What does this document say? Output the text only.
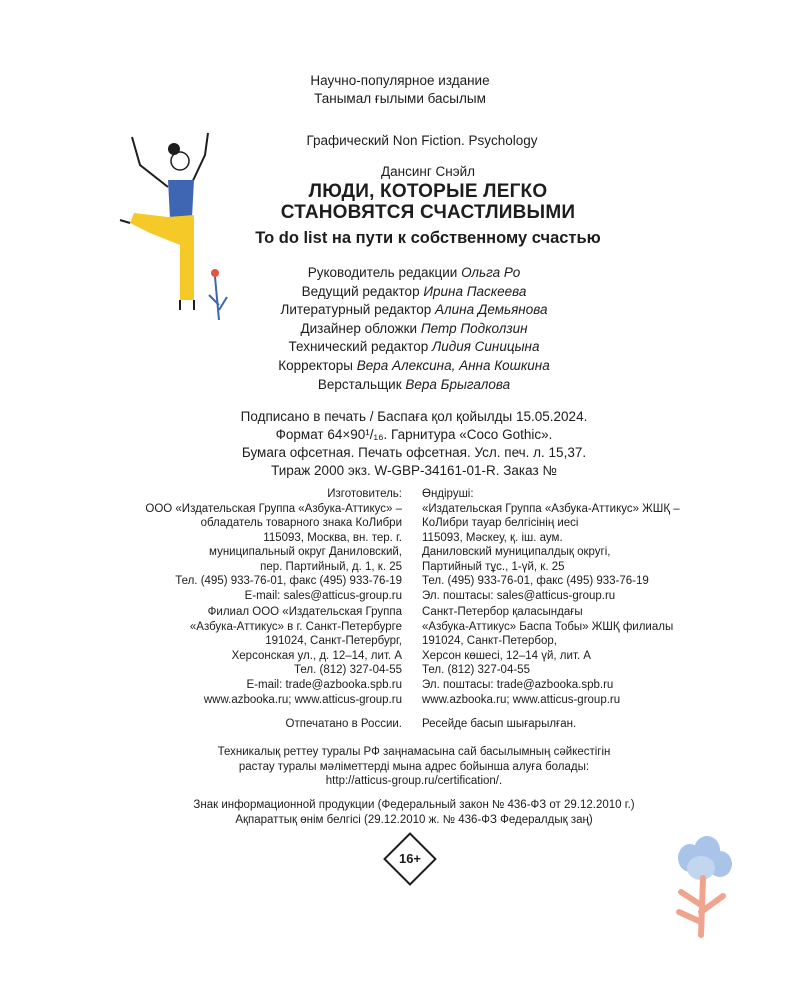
Научно-популярное издание
Танымал ғылыми басылым
Графический Non Fiction. Psychology
Дансинг Снэйл
ЛЮДИ, КОТОРЫЕ ЛЕГКО
СТАНОВЯТСЯ СЧАСТЛИВЫМИ
To do list на пути к собственному счастью
Руководитель редакции Ольга Ро
Ведущий редактор Ирина Паскеева
Литературный редактор Алина Демьянова
Дизайнер обложки Петр Подколзин
Технический редактор Лидия Синицына
Корректоры Вера Алексина, Анна Кошкина
Верстальщик Вера Брыгалова
Подписано в печать / Баспаға қол қойылды 15.05.2024.
Формат 64×90¹/₁₆. Гарнитура «Coco Gothic».
Бумага офсетная. Печать офсетная. Усл. печ. л. 15,37.
Тираж 2000 экз. W-GBP-34161-01-R. Заказ №
Изготовитель:
ООО «Издательская Группа «Азбука-Аттикус» –
обладатель товарного знака КоЛибри
115093, Москва, вн. тер. г.
муниципальный округ Даниловский,
пер. Партийный, д. 1, к. 25
Тел. (495) 933-76-01, факс (495) 933-76-19
E-mail: sales@atticus-group.ru
Өндіруші:
«Издательская Группа «Азбука-Аттикус» ЖШҚ –
КоЛибри тауар белгісінің иесі
115093, Мәскеу, қ. іш. аум.
Даниловский муниципалдық округі,
Партийный тұс., 1-үй, к. 25
Тел. (495) 933-76-01, факс (495) 933-76-19
Эл. поштасы: sales@atticus-group.ru
Филиал ООО «Издательская Группа
«Азбука-Аттикус» в г. Санкт-Петербурге
191024, Санкт-Петербург,
Херсонская ул., д. 12–14, лит. А
Тел. (812) 327-04-55
E-mail: trade@azbooka.spb.ru
Санкт-Петербор қаласындағы
«Азбука-Аттикус» Баспа Тобы» ЖШҚ филиалы
191024, Санкт-Петербор,
Херсон көшесі, 12–14 үй, лит. А
Тел. (812) 327-04-55
Эл. поштасы: trade@azbooka.spb.ru
www.azbooka.ru; www.atticus-group.ru www.azbooka.ru; www.atticus-group.ru
Отпечатано в России. Ресейде басып шығарылған.
Техникалық реттеу туралы РФ заңнамасына сай басылымның сәйкестігін
растау туралы мәліметтерді мына адрес бойынша алуға болады:
http://atticus-group.ru/certification/.
Знак информационной продукции (Федеральный закон № 436-ФЗ от 29.12.2010 г.)
Ақпараттық өнім белгісі (29.12.2010 ж. № 436-ФЗ Федералдық заң)
16+
